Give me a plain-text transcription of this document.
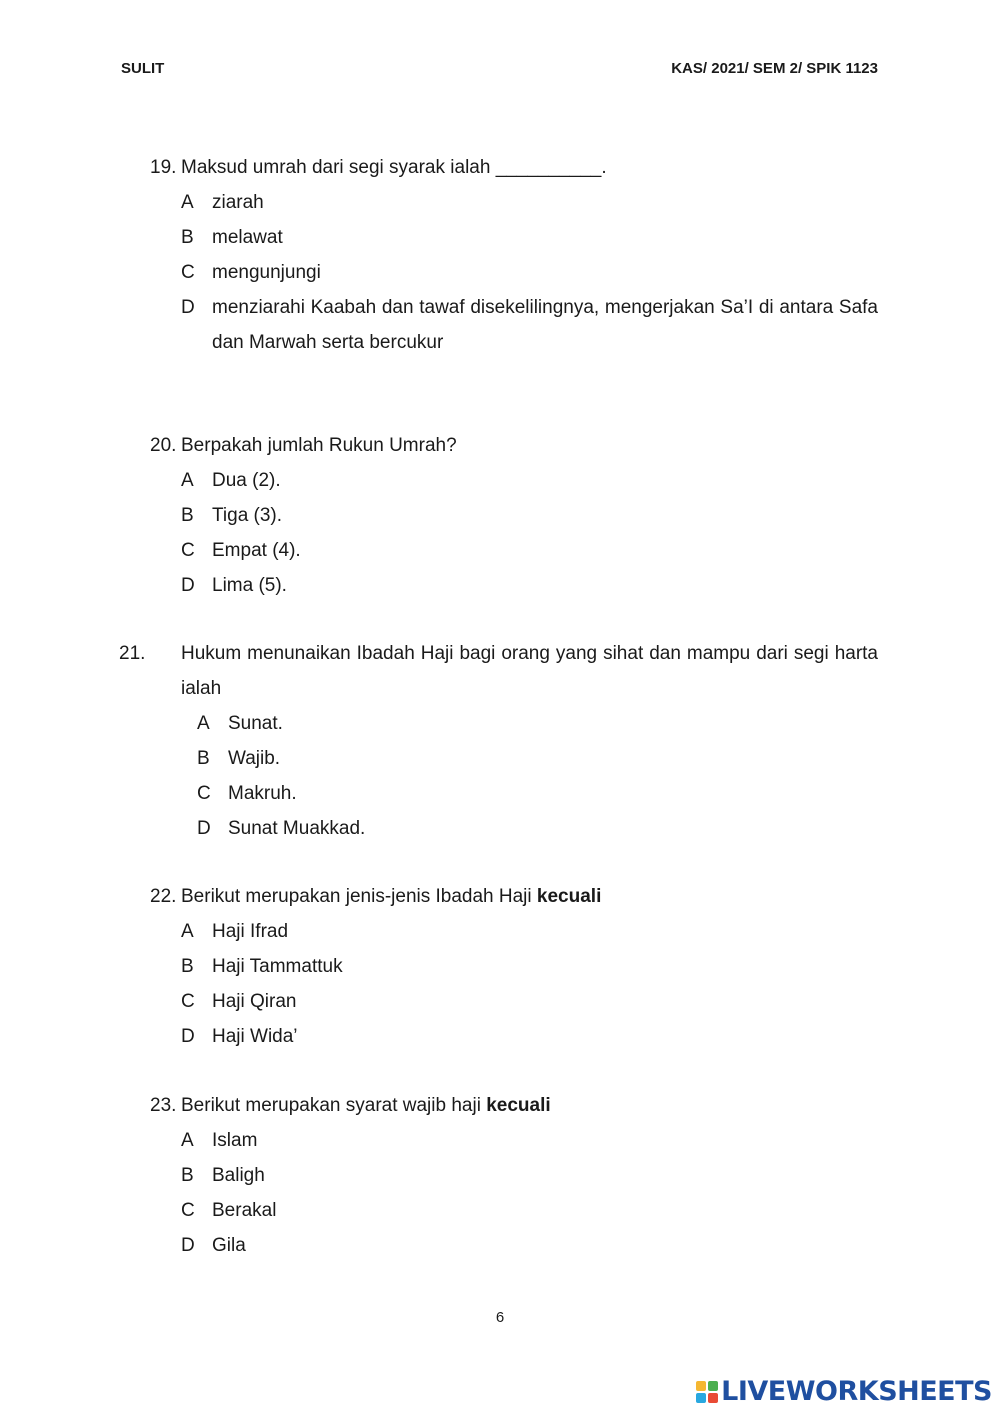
SULIT	KAS/ 2021/ SEM 2/ SPIK 1123
19. Maksud umrah dari segi syarak ialah __________.
A ziarah
B melawat
C mengunjungi
D menziarahi Kaabah dan tawaf disekelilingnya, mengerjakan Sa’I di antara Safa dan Marwah serta bercukur
20. Berpakah jumlah Rukun Umrah?
A Dua (2).
B Tiga (3).
C Empat (4).
D Lima (5).
21. Hukum menunaikan Ibadah Haji bagi orang yang sihat dan mampu dari segi harta ialah
A Sunat.
B Wajib.
C Makruh.
D Sunat Muakkad.
22. Berikut merupakan jenis-jenis Ibadah Haji kecuali
A Haji Ifrad
B Haji Tammattuk
C Haji Qiran
D Haji Wida’
23. Berikut merupakan syarat wajib haji kecuali
A Islam
B Baligh
C Berakal
D Gila
6
LIVEWORKSHEETS
